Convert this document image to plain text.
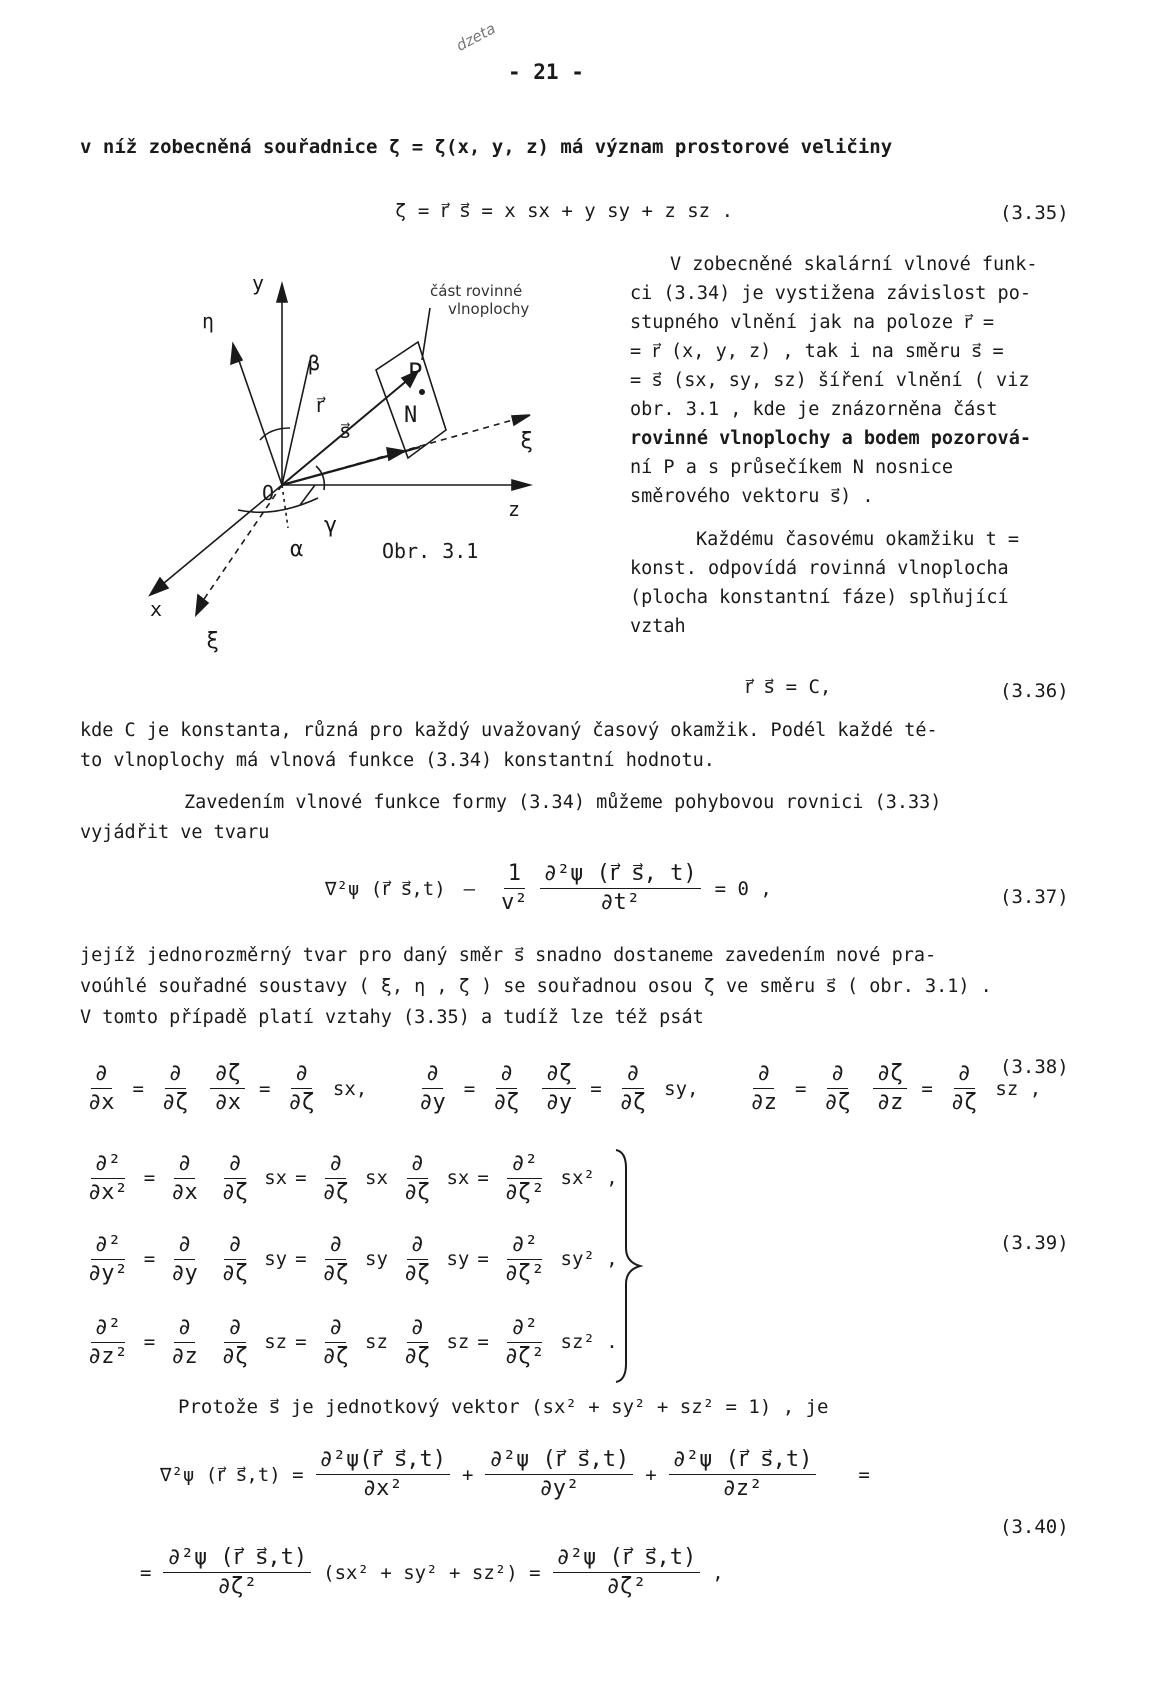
dzeta
- 21 -
v níž zobecněná souřadnice ζ = ζ(x, y, z) má význam prostorové veličiny
ζ = r⃗ s⃗ = x sx + y sy + z sz .	(3.35)
y
η
β
r⃗
s⃗
P
N
ξ
O
γ
z
α
x
ξ
Obr. 3.1
část rovinné
vlnoplochy
V zobecněné skalární vlnové funk-
ci (3.34) je vystižena závislost po-
stupného vlnění jak na poloze r⃗ =
= r⃗ (x, y, z) , tak i na směru s⃗ =
= s⃗ (sx, sy, sz) šíření vlnění ( viz
obr. 3.1 , kde je znázorněna část
rovinné vlnoplochy a bodem pozorová-
ní P a s průsečíkem N nosnice
směrového vektoru s⃗) .
Každému časovému okamžiku t =
konst. odpovídá rovinná vlnoplocha
(plocha konstantní fáze) splňující
vztah
r⃗ s⃗ = C,	(3.36)
kde C je konstanta, různá pro každý uvažovaný časový okamžik. Podél každé té-
to vlnoplochy má vlnová funkce (3.34) konstantní hodnotu.
Zavedením vlnové funkce formy (3.34) můžeme pohybovou rovnici (3.33)
vyjádřit ve tvaru
∇²ψ (r⃗ s⃗,t) – $\frac{1}{\text{v²}} \frac{\text{∂²ψ (r⃗ s⃗, t)}}{\text{∂t²}} = 0$ ,	(3.37)
jejíž jednorozměrný tvar pro daný směr s⃗ snadno dostaneme zavedením nové pra-
voúhlé souřadné soustavy ( ξ, η , ζ ) se souřadnou osou ζ ve směru s⃗ ( obr. 3.1) .
V tomto případě platí vztahy (3.35) a tudíž lze též psát
$\frac{\partial}{\partial x} = \frac{\partial}{\partial\zeta} \frac{\partial\zeta}{\partial x} = \frac{\partial}{\partial\zeta}$ sx, $\frac{\partial}{\partial y} = \frac{\partial}{\partial\zeta} \frac{\partial\zeta}{\partial y} = \frac{\partial}{\partial\zeta}$ sy, $\frac{\partial}{\partial z} = \frac{\partial}{\partial\zeta} \frac{\partial\zeta}{\partial z} = \frac{\partial}{\partial\zeta}$ sz ,
(3.38)
$\frac{\text{∂²}}{\text{∂x²}} = \frac{\partial}{\partial x} \frac{\partial}{\partial\zeta}$ sx = $\frac{\partial}{\partial\zeta}$ sx $\frac{\partial}{\partial\zeta}$ sx = $\frac{\text{∂²}}{\text{∂ζ²}} sx^2$ ,
$\frac{\text{∂²}}{\text{∂y²}} = \frac{\partial}{\partial y} \frac{\partial}{\partial\zeta}$ sy = $\frac{\partial}{\partial\zeta}$ sy $\frac{\partial}{\partial\zeta}$ sy = $\frac{\text{∂²}}{\text{∂ζ²}} sy^2$ ,
$\frac{\text{∂²}}{\text{∂z²}} = \frac{\partial}{\partial z} \frac{\partial}{\partial\zeta}$ sz = $\frac{\partial}{\partial\zeta}$ sz $\frac{\partial}{\partial\zeta}$ sz = $\frac{\text{∂²}}{\text{∂ζ²}} sz^2$ .
(3.39)
Protože s⃗ je jednotkový vektor (sx² + sy² + sz² = 1) , je
∇²ψ (r⃗ s⃗,t) = $\frac{\text{∂²ψ(r⃗ s⃗,t)}}{\text{∂x²}} + \frac{\text{∂²ψ (r⃗ s⃗,t)}}{\text{∂y²}} + \frac{\text{∂²ψ (r⃗ s⃗,t)}}{\text{∂z²}}$ =
(3.40)
= $\frac{\text{∂²ψ (r⃗ s⃗,t)}}{\text{∂ζ²}} (sx^2 + sy^2 + sz^2) = \frac{\text{∂²ψ (r⃗ s⃗,t)}}{\text{∂ζ²}}$ ,
